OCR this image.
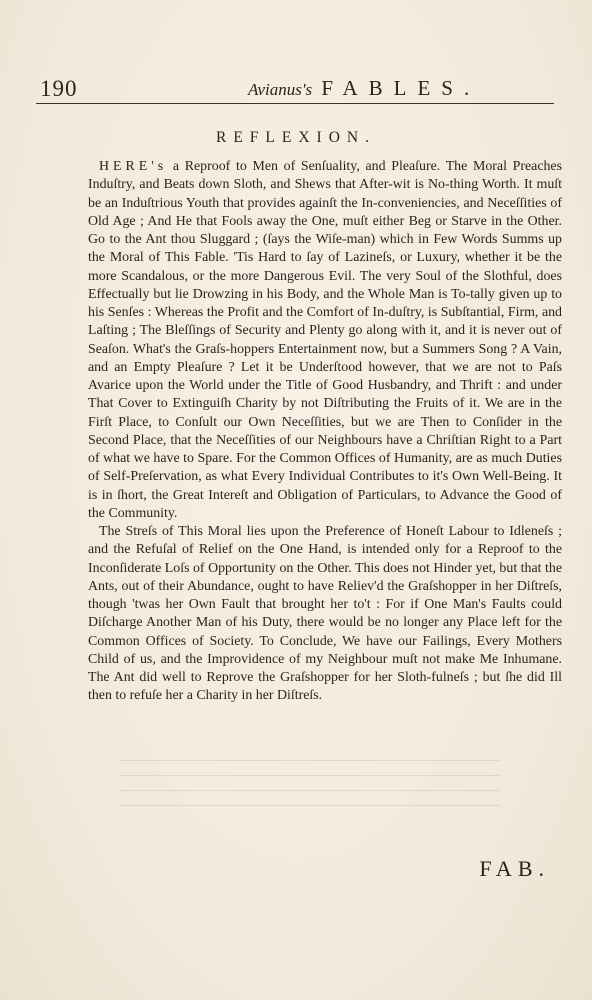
190	Avianus's FABLES.
REFLEXION.

HERE's a Reproof to Men of Senſuality, and Pleaſure. The Moral Preaches Induſtry, and Beats down Sloth, and Shews that After-wit is No-thing Worth. It muſt be an Induſtrious Youth that provides againſt the In-conveniencies, and Neceſſities of Old Age ; And He that Fools away the One, muſt either Beg or Starve in the Other. Go to the Ant thou Sluggard ; (ſays the Wiſe-man) which in Few Words Summs up the Moral of This Fable. 'Tis Hard to ſay of Lazineſs, or Luxury, whether it be the more Scandalous, or the more Dangerous Evil. The very Soul of the Slothful, does Effectually but lie Drowzing in his Body, and the Whole Man is To-tally given up to his Senſes : Whereas the Profit and the Comfort of In-duſtry, is Subſtantial, Firm, and Laſting ; The Bleſſings of Security and Plenty go along with it, and it is never out of Seaſon. What's the Graſs-hoppers Entertainment now, but a Summers Song ? A Vain, and an Empty Pleaſure ? Let it be Underſtood however, that we are not to Paſs Avarice upon the World under the Title of Good Husbandry, and Thrift : and under That Cover to Extinguiſh Charity by not Diſtributing the Fruits of it. We are in the Firſt Place, to Conſult our Own Neceſſities, but we are Then to Conſider in the Second Place, that the Neceſſities of our Neighbours have a Chriſtian Right to a Part of what we have to Spare. For the Common Offices of Humanity, are as much Duties of Self-Preſervation, as what Every Individual Contributes to it's Own Well-Being. It is in ſhort, the Great Intereſt and Obligation of Particulars, to Advance the Good of the Community.

The Streſs of This Moral lies upon the Preference of Honeſt Labour to Idleneſs ; and the Refuſal of Relief on the One Hand, is intended only for a Reproof to the Inconſiderate Loſs of Opportunity on the Other. This does not Hinder yet, but that the Ants, out of their Abundance, ought to have Reliev'd the Graſshopper in her Diſtreſs, though 'twas her Own Fault that brought her to't : For if One Man's Faults could Diſcharge Another Man of his Duty, there would be no longer any Place left for the Common Offices of Society. To Conclude, We have our Failings, Every Mothers Child of us, and the Improvidence of my Neighbour muſt not make Me Inhumane. The Ant did well to Reprove the Graſshopper for her Sloth-fulneſs ; but ſhe did Ill then to refuſe her a Charity in her Diſtreſs.

FAB.
